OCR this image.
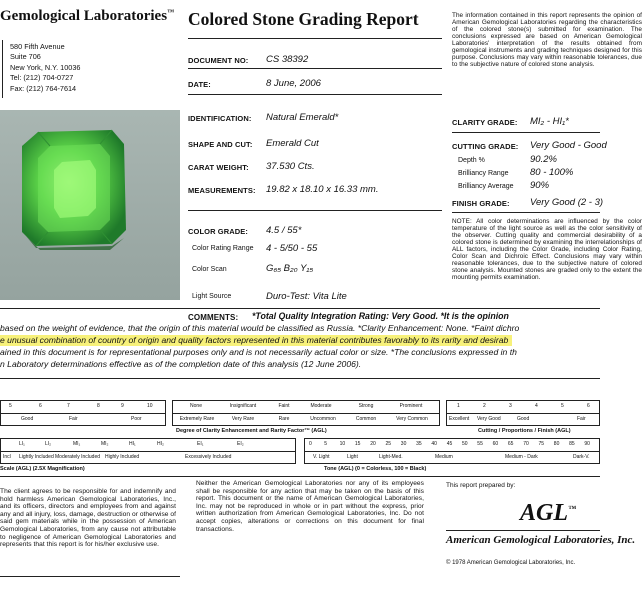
Gemological Laboratories™
580 Fifth Avenue
Suite 706
New York, N.Y. 10036
Tel: (212) 704-0727
Fax: (212) 764-7614
Colored Stone Grading Report
DOCUMENT NO: CS 38392
DATE:	8 June, 2006
The information contained in this report represents the opinion of American Gemological Laboratories regarding the characteristics of the colored stone(s) submitted for examination. The conclusions expressed are based on American Gemological Laboratories' interpretation of the results obtained from gemological instruments and grading techniques designed for this purpose. Conclusions may vary within reasonable tolerances, due to the subjective nature of colored stone analysis.
IDENTIFICATION: Natural Emerald*
SHAPE AND CUT: Emerald Cut
CARAT WEIGHT: 37.530 Cts.
MEASUREMENTS: 19.82 x 18.10 x 16.33 mm.
COLOR GRADE: 4.5 / 55*
Color Rating Range 4 - 5/50 - 55
Color Scan	G₆₅ B₂₀ Y₁₅
Light Source	Duro-Test: Vita Lite
CLARITY GRADE: MI₂ - HI₁*
CUTTING GRADE: Very Good - Good
Depth %	90.2%
Brilliancy Range 80 - 100%
Brilliancy Average 90%
FINISH GRADE: Very Good (2 - 3)
NOTE: All color determinations are influenced by the color temperature of the light source as well as the color sensitivity of the observer. Cutting quality and commercial desirability of a colored stone is determined by examining the interrelationships of ALL factors, including the Color Grade, including Color Rating, Color Scan and Dichroic Effect. Conclusions may vary within reasonable tolerances, due to the subjective nature of colored stone analysis. Mounted stones are graded only to the extent the mounting permits examination.
COMMENTS: *Total Quality Integration Rating: Very Good. *It is the opinion
based on the weight of evidence, that the origin of this material would be classified as Russia. *Clarity Enhancement: None. *Faint dichro
e unusual combination of country of origin and quality factors represented in this material contributes favorably to its rarity and desirab
ained in this document is for representational purposes only and is not necessarily actual color or size. *The conclusions expressed in th
n Laboratory determinations effective as of the completion date of this analysis (12 June 2006).
5	6	7	8	9	10
Good	Fair	Poor
None	Insignificant	Faint	Moderate	Strong	Prominent
Extremely Rare	Very Rare	Rare	Uncommon	Common	Very Common
Degree of Clarity Enhancement and Rarity Factor™ (AGL)
1	2	3	4	5	6
Excellent Very Good	Good	Fair
Cutting / Proportions / Finish (AGL)
LI₁	LI₂	MI₁	MI₂	HI₁	HI₂	EI₁	EI₂
Incl Lightly Included Moderately Included Highly Included	Excessively Included
Scale (AGL) (2.5X Magnification)
0	5	10 15 20 25 30 35 40 45 50 55 60 65 70 75 80 85 90
V. Light	Light	Light-Med.	Medium	Medium - Dark	Dark-V.
Tone (AGL) (0 = Colorless, 100 = Black)
The client agrees to be responsible for and indemnify and hold harmless American Gemological Laboratories, Inc., and its officers, directors and employees from and against any and all injury, loss, damage, destruction or otherwise of said gem materials while in the possession of American Gemological Laboratories, from any cause not attributable to negligence of American Gemological Laboratories and represents that this report is for his/her exclusive use.
Neither the American Gemological Laboratories nor any of its employees shall be responsible for any action that may be taken on the basis of this report. This document or the name of American Gemological Laboratories, Inc. may not be reproduced in whole or in part without the express, prior written authorization from American Gemological Laboratories, Inc. Do not accept copies, alterations or corrections on this document for final transactions.
This report prepared by:
AGL™
American Gemological Laboratories, Inc.
© 1978 American Gemological Laboratories, Inc.
